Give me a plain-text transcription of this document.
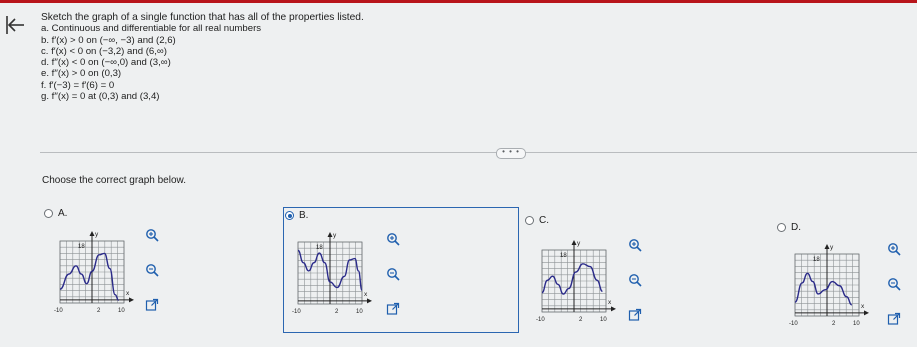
Sketch the graph of a single function that has all of the properties listed.
a. Continuous and differentiable for all real numbers
b. f′(x) > 0 on (−∞, −3) and (2,6)
c. f′(x) < 0 on (−3,2) and (6,∞)
d. f′′(x) < 0 on (−∞,0) and (3,∞)
e. f′′(x) > 0 on (0,3)
f. f′(−3) = f′(6) = 0
g. f′′(x) = 0 at (0,3) and (3,4)
• • •
Choose the correct graph below.
A.
y
18
x
-10	2	10

B.
y
18
x
-10	2	10

C.
y
18
x
-10	2	10

D.
y
18
x
-10	2	10
